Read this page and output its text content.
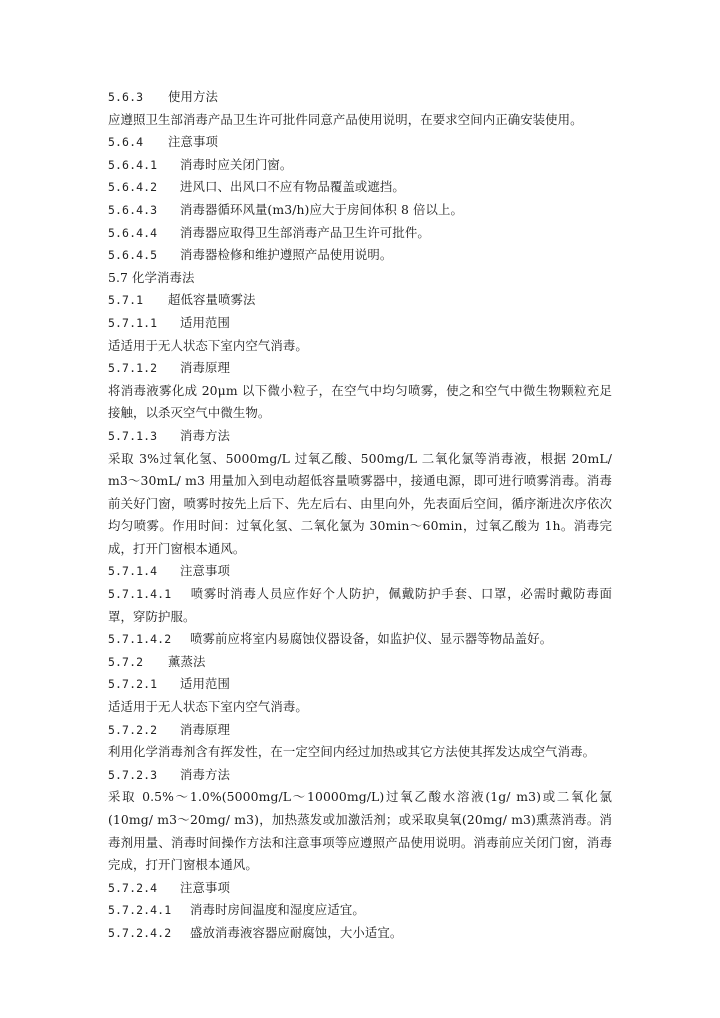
5.6.3 使用方法
应遵照卫生部消毒产品卫生许可批件同意产品使用说明，在要求空间内正确安装使用。
5.6.4 注意事项
5.6.4.1 消毒时应关闭门窗。
5.6.4.2 进风口、出风口不应有物品覆盖或遮挡。
5.6.4.3 消毒器循环风量(m3/h)应大于房间体积 8 倍以上。
5.6.4.4 消毒器应取得卫生部消毒产品卫生许可批件。
5.6.4.5 消毒器检修和维护遵照产品使用说明。
5.7 化学消毒法
5.7.1 超低容量喷雾法
5.7.1.1 适用范围
适适用于无人状态下室内空气消毒。
5.7.1.2 消毒原理
将消毒液雾化成 20μm 以下微小粒子，在空气中均匀喷雾，使之和空气中微生物颗粒充足接触，以杀灭空气中微生物。
5.7.1.3 消毒方法
采取 3%过氧化氢、5000mg/L 过氧乙酸、500mg/L 二氧化氯等消毒液，根据 20mL/ m3～30mL/ m3 用量加入到电动超低容量喷雾器中，接通电源，即可进行喷雾消毒。消毒前关好门窗，喷雾时按先上后下、先左后右、由里向外，先表面后空间，循序渐进次序依次均匀喷雾。作用时间：过氧化氢、二氧化氯为 30min～60min，过氧乙酸为 1h。消毒完成，打开门窗根本通风。
5.7.1.4 注意事项
5.7.1.4.1 喷雾时消毒人员应作好个人防护，佩戴防护手套、口罩，必需时戴防毒面罩，穿防护服。
5.7.1.4.2 喷雾前应将室内易腐蚀仪器设备，如监护仪、显示器等物品盖好。
5.7.2 薰蒸法
5.7.2.1 适用范围
适适用于无人状态下室内空气消毒。
5.7.2.2 消毒原理
利用化学消毒剂含有挥发性，在一定空间内经过加热或其它方法使其挥发达成空气消毒。
5.7.2.3 消毒方法
采取 0.5%～1.0%(5000mg/L～10000mg/L)过氧乙酸水溶液(1g/ m3)或二氧化氯(10mg/ m3～20mg/ m3)，加热蒸发或加激活剂；或采取臭氧(20mg/ m3)熏蒸消毒。消毒剂用量、消毒时间操作方法和注意事项等应遵照产品使用说明。消毒前应关闭门窗，消毒完成，打开门窗根本通风。
5.7.2.4 注意事项
5.7.2.4.1 消毒时房间温度和湿度应适宜。
5.7.2.4.2 盛放消毒液容器应耐腐蚀，大小适宜。
